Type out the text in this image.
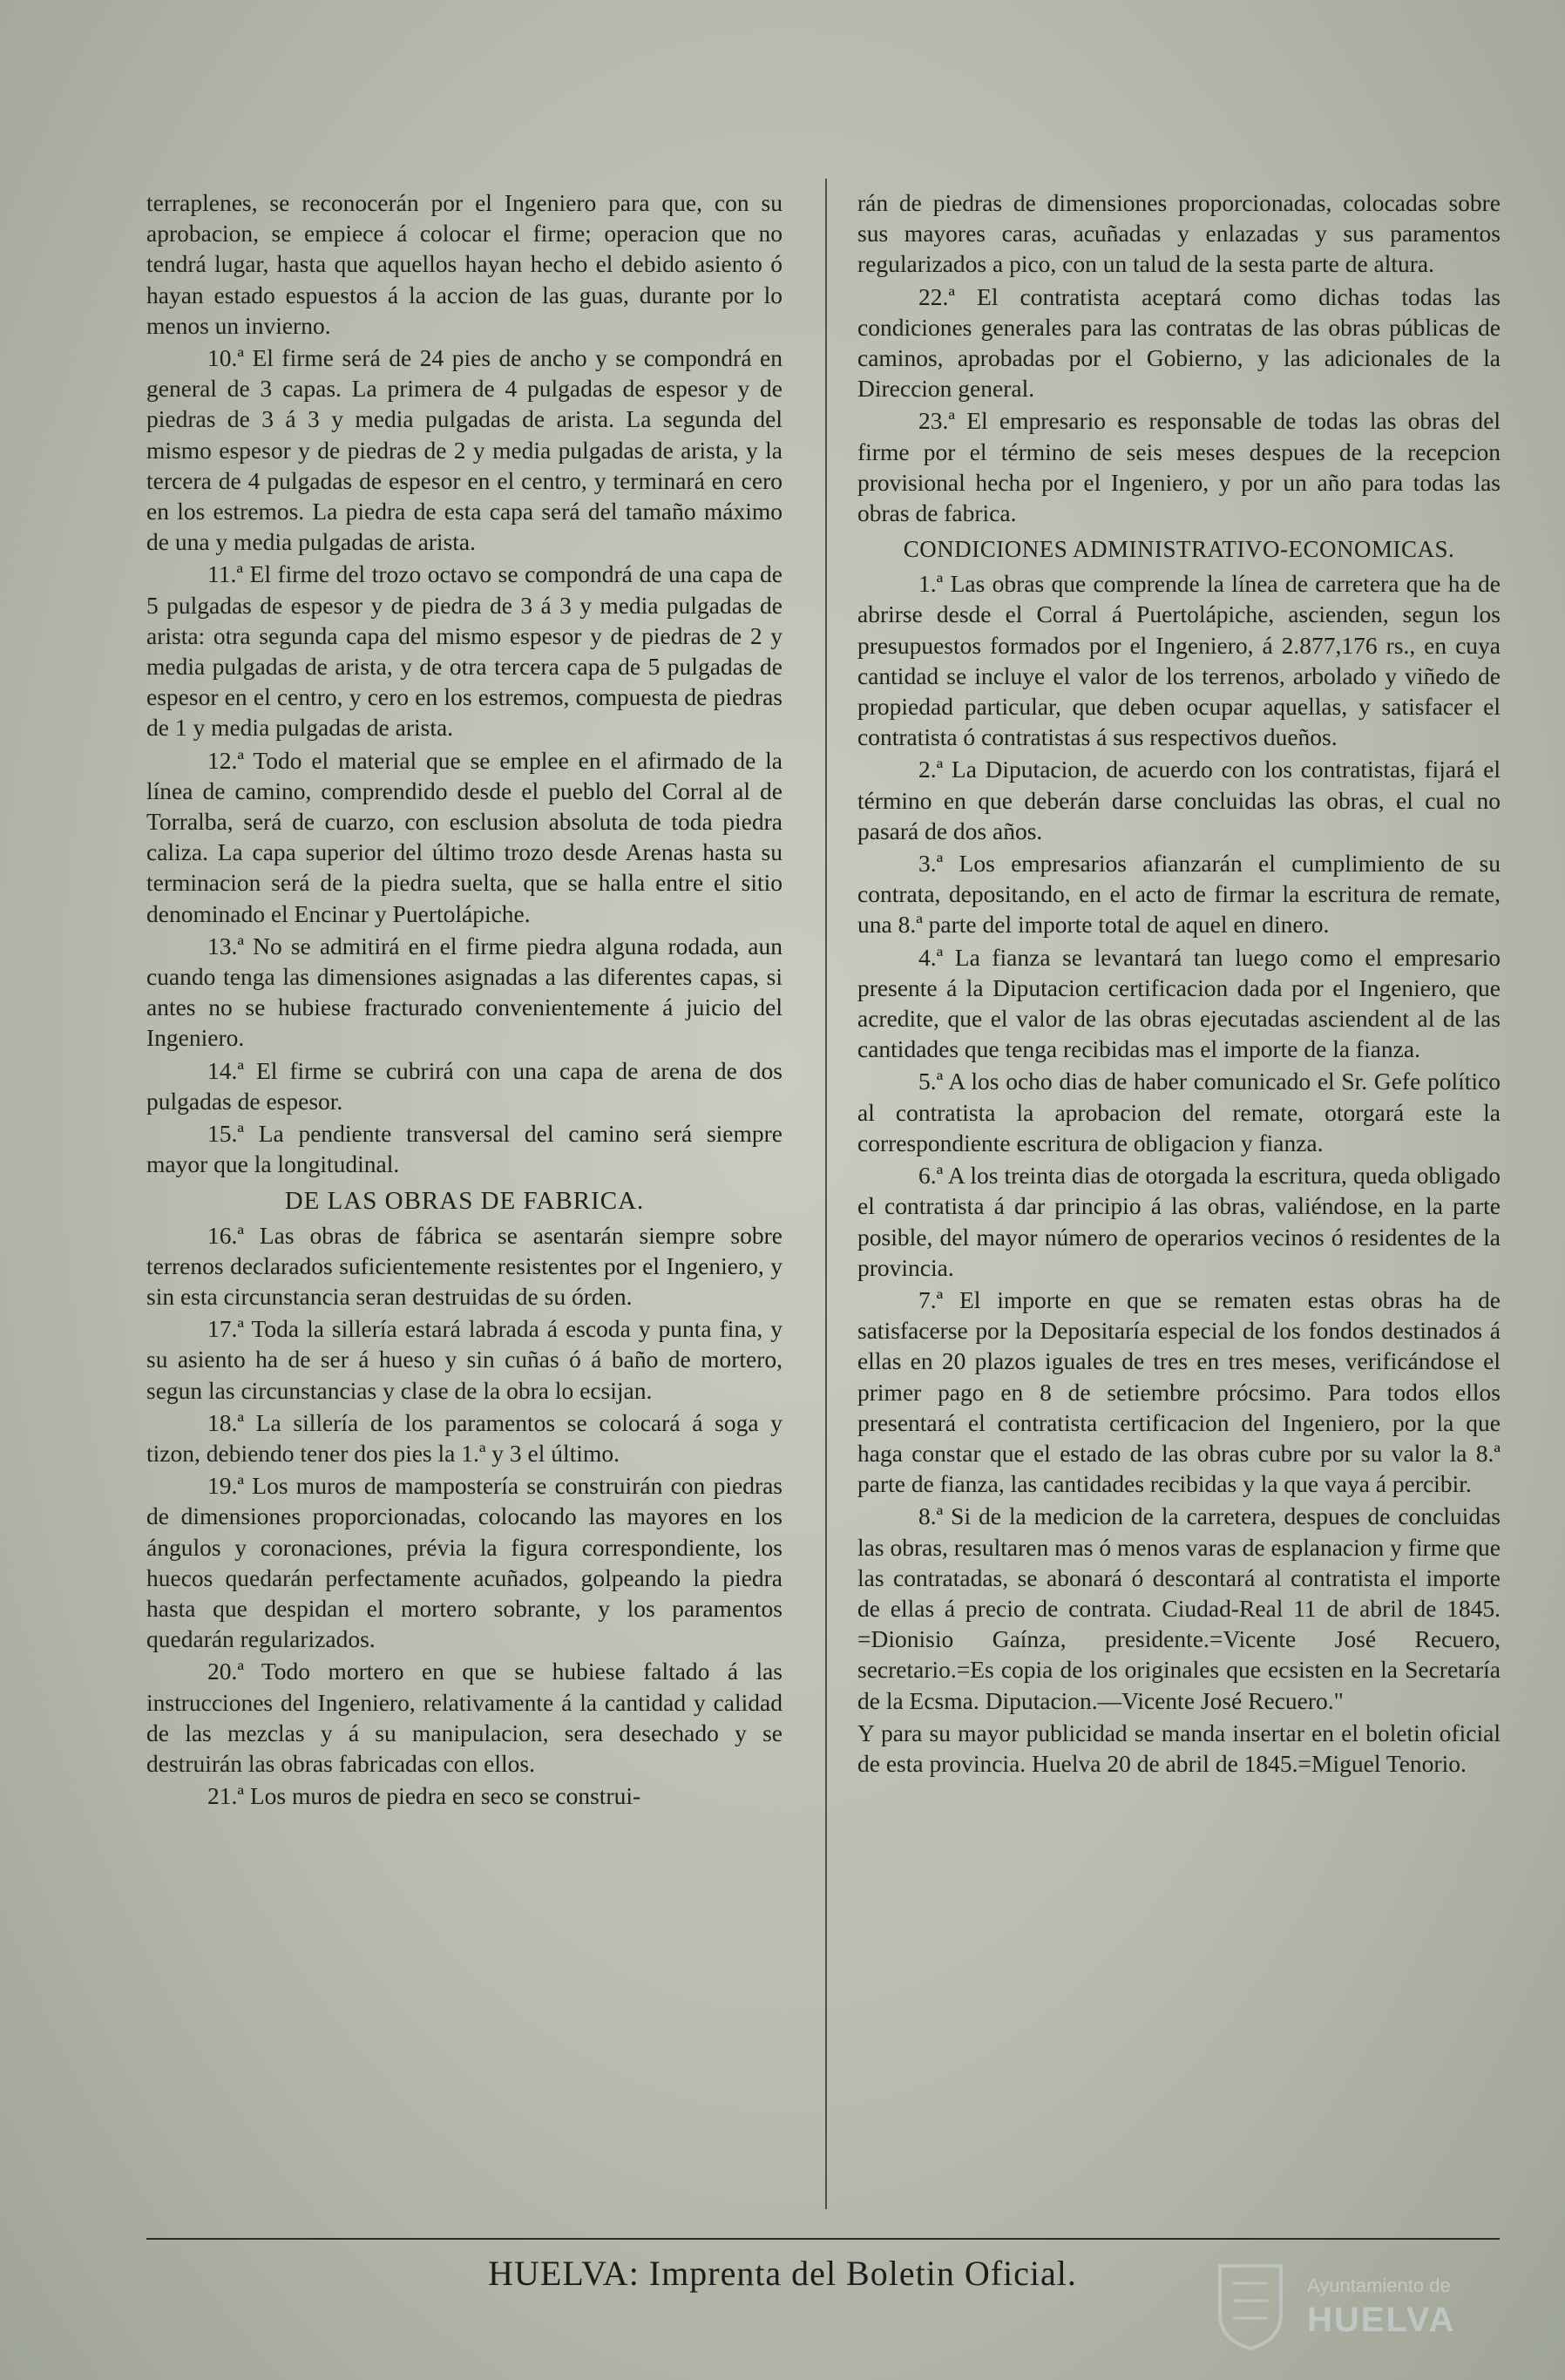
terraplenes, se reconocerán por el Ingeniero para que, con su aprobacion, se empiece á colocar el firme; operacion que no tendrá lugar, hasta que aquellos hayan hecho el debido asiento ó hayan estado espuestos á la accion de las guas, durante por lo menos un invierno.

10.ª El firme será de 24 pies de ancho y se compondrá en general de 3 capas. La primera de 4 pulgadas de espesor y de piedras de 3 á 3 y media pulgadas de arista. La segunda del mismo espesor y de piedras de 2 y media pulgadas de arista, y la tercera de 4 pulgadas de espesor en el centro, y terminará en cero en los estremos. La piedra de esta capa será del tamaño máximo de una y media pulgadas de arista.

11.ª El firme del trozo octavo se compondrá de una capa de 5 pulgadas de espesor y de piedra de 3 á 3 y media pulgadas de arista: otra segunda capa del mismo espesor y de piedras de 2 y media pulgadas de arista, y de otra tercera capa de 5 pulgadas de espesor en el centro, y cero en los estremos, compuesta de piedras de 1 y media pulgadas de arista.

12.ª Todo el material que se emplee en el afirmado de la línea de camino, comprendido desde el pueblo del Corral al de Torralba, será de cuarzo, con esclusion absoluta de toda piedra caliza. La capa superior del último trozo desde Arenas hasta su terminacion será de la piedra suelta, que se halla entre el sitio denominado el Encinar y Puertolápiche.

13.ª No se admitirá en el firme piedra alguna rodada, aun cuando tenga las dimensiones asignadas a las diferentes capas, si antes no se hubiese fracturado convenientemente á juicio del Ingeniero.

14.ª El firme se cubrirá con una capa de arena de dos pulgadas de espesor.

15.ª La pendiente transversal del camino será siempre mayor que la longitudinal.

DE LAS OBRAS DE FABRICA.

16.ª Las obras de fábrica se asentarán siempre sobre terrenos declarados suficientemente resistentes por el Ingeniero, y sin esta circunstancia seran destruidas de su órden.

17.ª Toda la sillería estará labrada á escoda y punta fina, y su asiento ha de ser á hueso y sin cuñas ó á baño de mortero, segun las circunstancias y clase de la obra lo ecsijan.

18.ª La sillería de los paramentos se colocará á soga y tizon, debiendo tener dos pies la 1.ª y 3 el último.

19.ª Los muros de mampostería se construirán con piedras de dimensiones proporcionadas, colocando las mayores en los ángulos y coronaciones, prévia la figura correspondiente, los huecos quedarán perfectamente acuñados, golpeando la piedra hasta que despidan el mortero sobrante, y los paramentos quedarán regularizados.

20.ª Todo mortero en que se hubiese faltado á las instrucciones del Ingeniero, relativamente á la cantidad y calidad de las mezclas y á su manipulacion, sera desechado y se destruirán las obras fabricadas con ellos.

21.ª Los muros de piedra en seco se construi-

rán de piedras de dimensiones proporcionadas, colocadas sobre sus mayores caras, acuñadas y enlazadas y sus paramentos regularizados a pico, con un talud de la sesta parte de altura.

22.ª El contratista aceptará como dichas todas las condiciones generales para las contratas de las obras públicas de caminos, aprobadas por el Gobierno, y las adicionales de la Direccion general.

23.ª El empresario es responsable de todas las obras del firme por el término de seis meses despues de la recepcion provisional hecha por el Ingeniero, y por un año para todas las obras de fabrica.

CONDICIONES ADMINISTRATIVO-ECONOMICAS.

1.ª Las obras que comprende la línea de carretera que ha de abrirse desde el Corral á Puertolápiche, ascienden, segun los presupuestos formados por el Ingeniero, á 2.877,176 rs., en cuya cantidad se incluye el valor de los terrenos, arbolado y viñedo de propiedad particular, que deben ocupar aquellas, y satisfacer el contratista ó contratistas á sus respectivos dueños.

2.ª La Diputacion, de acuerdo con los contratistas, fijará el término en que deberán darse concluidas las obras, el cual no pasará de dos años.

3.ª Los empresarios afianzarán el cumplimiento de su contrata, depositando, en el acto de firmar la escritura de remate, una 8.ª parte del importe total de aquel en dinero.

4.ª La fianza se levantará tan luego como el empresario presente á la Diputacion certificacion dada por el Ingeniero, que acredite, que el valor de las obras ejecutadas asciendent al de las cantidades que tenga recibidas mas el importe de la fianza.

5.ª A los ocho dias de haber comunicado el Sr. Gefe político al contratista la aprobacion del remate, otorgará este la correspondiente escritura de obligacion y fianza.

6.ª A los treinta dias de otorgada la escritura, queda obligado el contratista á dar principio á las obras, valiéndose, en la parte posible, del mayor número de operarios vecinos ó residentes de la provincia.

7.ª El importe en que se rematen estas obras ha de satisfacerse por la Depositaría especial de los fondos destinados á ellas en 20 plazos iguales de tres en tres meses, verificándose el primer pago en 8 de setiembre prócsimo. Para todos ellos presentará el contratista certificacion del Ingeniero, por la que haga constar que el estado de las obras cubre por su valor la 8.ª parte de fianza, las cantidades recibidas y la que vaya á percibir.

8.ª Si de la medicion de la carretera, despues de concluidas las obras, resultaren mas ó menos varas de esplanacion y firme que las contratadas, se abonará ó descontará al contratista el importe de ellas á precio de contrata. Ciudad-Real 11 de abril de 1845. =Dionisio Gaínza, presidente.=Vicente José Recuero, secretario.=Es copia de los originales que ecsisten en la Secretaría de la Ecsma. Diputacion.—Vicente José Recuero."

Y para su mayor publicidad se manda insertar en el boletin oficial de esta provincia. Huelva 20 de abril de 1845.=Miguel Tenorio.

HUELVA: Imprenta del Boletin Oficial.	Ayuntamiento de
HUELVA
